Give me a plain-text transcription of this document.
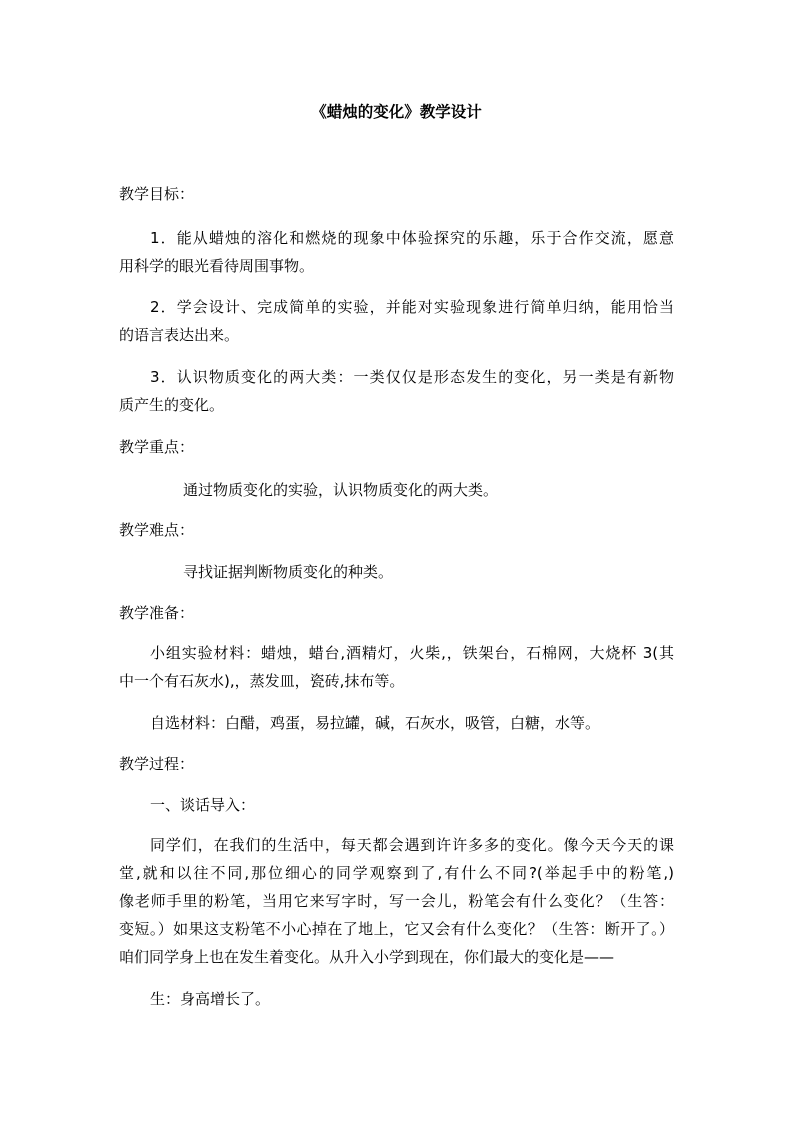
《蜡烛的变化》教学设计
教学目标：
1．能从蜡烛的溶化和燃烧的现象中体验探究的乐趣，乐于合作交流，愿意
用科学的眼光看待周围事物。
2．学会设计、完成简单的实验，并能对实验现象进行简单归纳，能用恰当
的语言表达出来。
3．认识物质变化的两大类：一类仅仅是形态发生的变化，另一类是有新物
质产生的变化。
教学重点：
通过物质变化的实验，认识物质变化的两大类。
教学难点：
寻找证据判断物质变化的种类。
教学准备：
小组实验材料：蜡烛，蜡台,酒精灯，火柴,，铁架台，石棉网，大烧杯 3(其
中一个有石灰水),，蒸发皿，瓷砖,抹布等。
自选材料：白醋，鸡蛋，易拉罐，碱，石灰水，吸管，白糖，水等。
教学过程：
一、谈话导入：
同学们，在我们的生活中，每天都会遇到许许多多的变化。像今天今天的课
堂,就和以往不同,那位细心的同学观察到了,有什么不同?(举起手中的粉笔,)
像老师手里的粉笔，当用它来写字时，写一会儿，粉笔会有什么变化？（生答：
变短。）如果这支粉笔不小心掉在了地上，它又会有什么变化？（生答：断开了。）
咱们同学身上也在发生着变化。从升入小学到现在，你们最大的变化是——
生：身高增长了。
